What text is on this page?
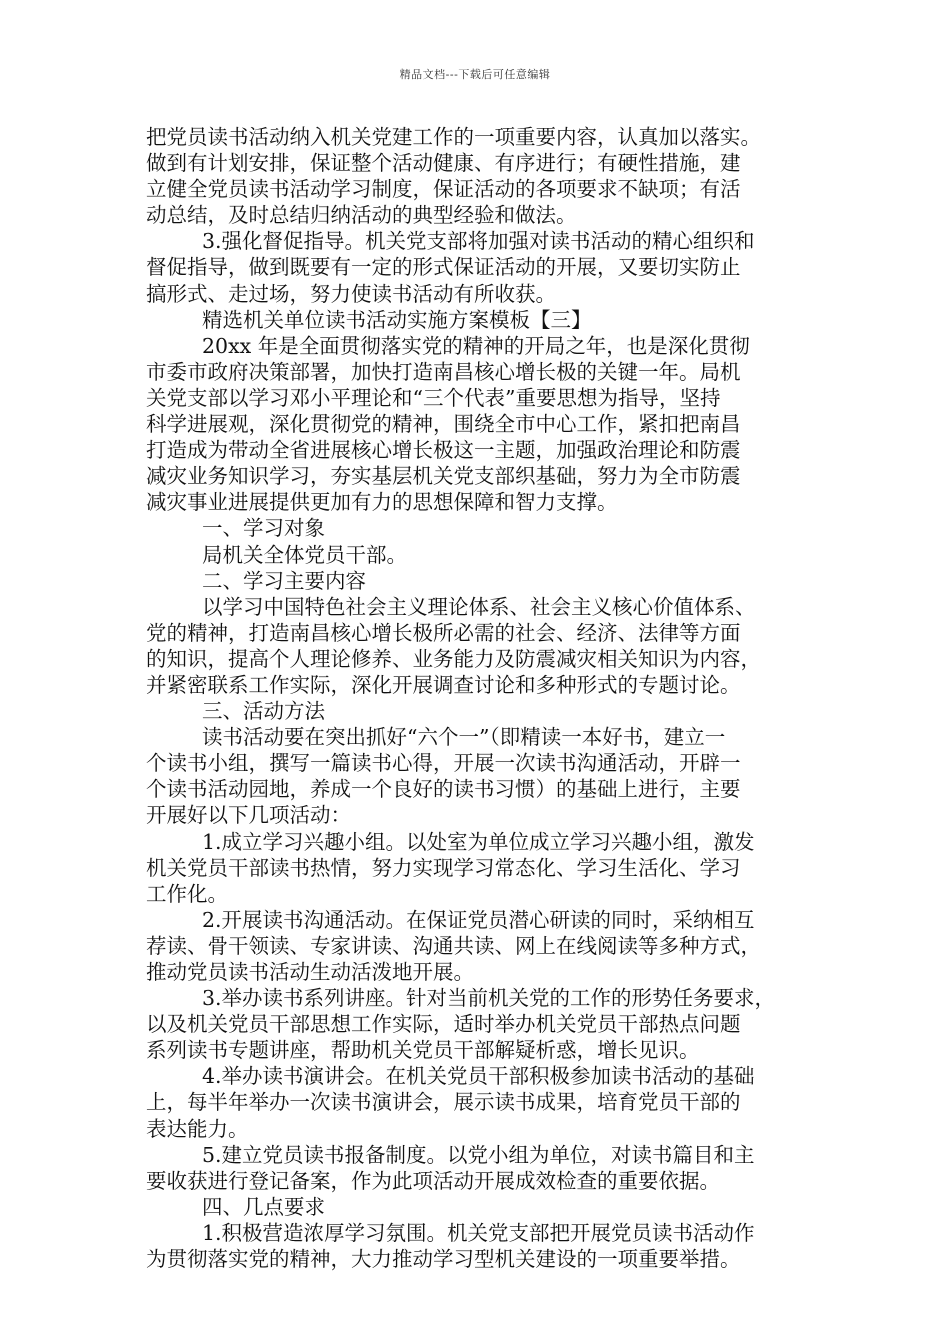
精品文档---下载后可任意编辑
把党员读书活动纳入机关党建工作的一项重要内容，认真加以落实。
做到有计划安排，保证整个活动健康、有序进行；有硬性措施，建
立健全党员读书活动学习制度，保证活动的各项要求不缺项；有活
动总结，及时总结归纳活动的典型经验和做法。
3.强化督促指导。机关党支部将加强对读书活动的精心组织和
督促指导，做到既要有一定的形式保证活动的开展，又要切实防止
搞形式、走过场，努力使读书活动有所收获。
精选机关单位读书活动实施方案模板【三】
20xx 年是全面贯彻落实党的精神的开局之年，也是深化贯彻
市委市政府决策部署，加快打造南昌核心增长极的关键一年。局机
关党支部以学习邓小平理论和“三个代表”重要思想为指导，坚持
科学进展观，深化贯彻党的精神，围绕全市中心工作，紧扣把南昌
打造成为带动全省进展核心增长极这一主题，加强政治理论和防震
减灾业务知识学习，夯实基层机关党支部织基础，努力为全市防震
减灾事业进展提供更加有力的思想保障和智力支撑。
一、学习对象
局机关全体党员干部。
二、学习主要内容
以学习中国特色社会主义理论体系、社会主义核心价值体系、
党的精神，打造南昌核心增长极所必需的社会、经济、法律等方面
的知识，提高个人理论修养、业务能力及防震减灾相关知识为内容，
并紧密联系工作实际，深化开展调查讨论和多种形式的专题讨论。
三、活动方法
读书活动要在突出抓好“六个一”（即精读一本好书，建立一
个读书小组，撰写一篇读书心得，开展一次读书沟通活动，开辟一
个读书活动园地，养成一个良好的读书习惯）的基础上进行，主要
开展好以下几项活动：
1.成立学习兴趣小组。以处室为单位成立学习兴趣小组，激发
机关党员干部读书热情，努力实现学习常态化、学习生活化、学习
工作化。
2.开展读书沟通活动。在保证党员潜心研读的同时，采纳相互
荐读、骨干领读、专家讲读、沟通共读、网上在线阅读等多种方式，
推动党员读书活动生动活泼地开展。
3.举办读书系列讲座。针对当前机关党的工作的形势任务要求，
以及机关党员干部思想工作实际，适时举办机关党员干部热点问题
系列读书专题讲座，帮助机关党员干部解疑析惑，增长见识。
4.举办读书演讲会。在机关党员干部积极参加读书活动的基础
上，每半年举办一次读书演讲会，展示读书成果，培育党员干部的
表达能力。
5.建立党员读书报备制度。以党小组为单位，对读书篇目和主
要收获进行登记备案，作为此项活动开展成效检查的重要依据。
四、几点要求
1.积极营造浓厚学习氛围。机关党支部把开展党员读书活动作
为贯彻落实党的精神，大力推动学习型机关建设的一项重要举措。
